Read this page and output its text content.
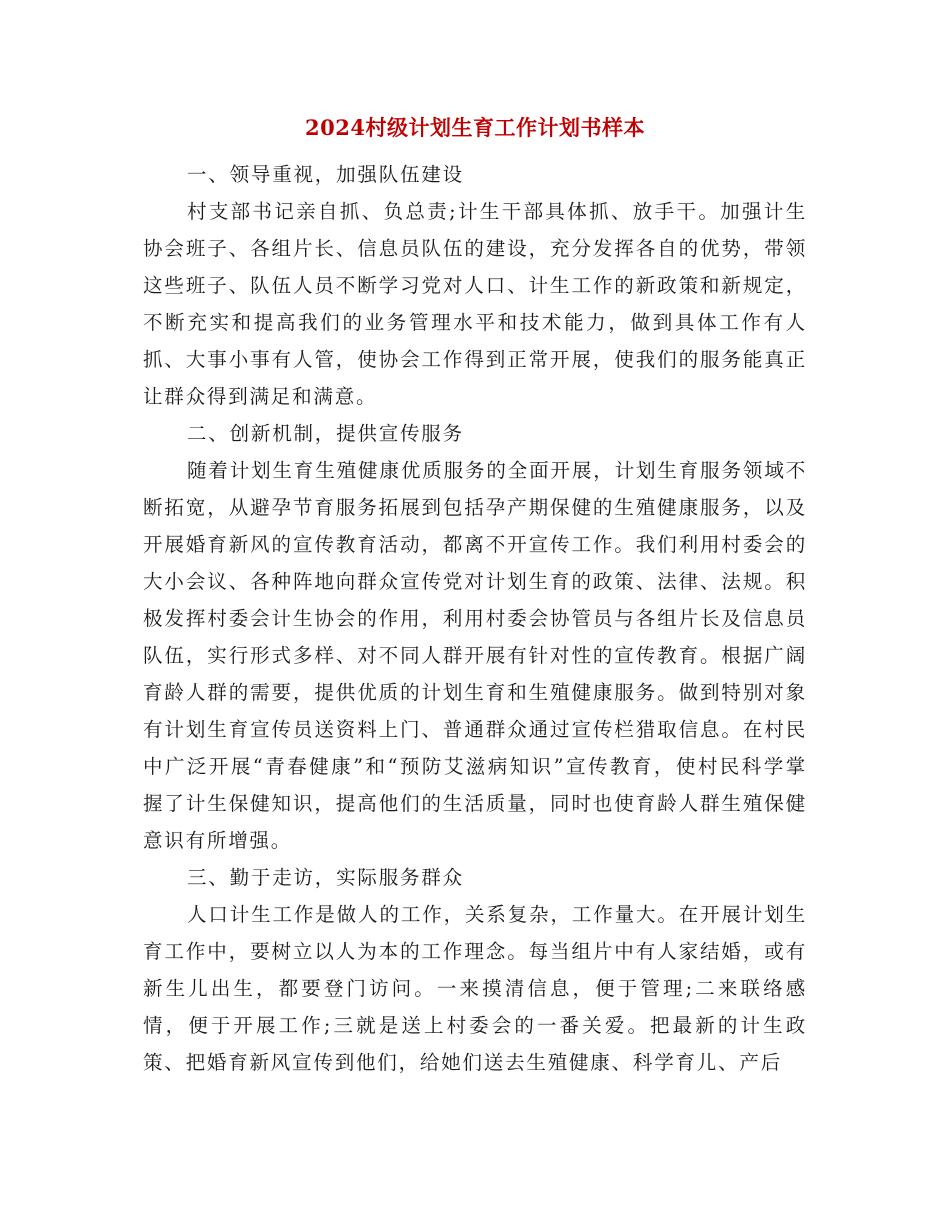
2024村级计划生育工作计划书样本

一、领导重视，加强队伍建设

村支部书记亲自抓、负总责;计生干部具体抓、放手干。加强计生协会班子、各组片长、信息员队伍的建设，充分发挥各自的优势，带领这些班子、队伍人员不断学习党对人口、计生工作的新政策和新规定，不断充实和提高我们的业务管理水平和技术能力，做到具体工作有人抓、大事小事有人管，使协会工作得到正常开展，使我们的服务能真正让群众得到满足和满意。

二、创新机制，提供宣传服务

随着计划生育生殖健康优质服务的全面开展，计划生育服务领域不断拓宽，从避孕节育服务拓展到包括孕产期保健的生殖健康服务，以及开展婚育新风的宣传教育活动，都离不开宣传工作。我们利用村委会的大小会议、各种阵地向群众宣传党对计划生育的政策、法律、法规。积极发挥村委会计生协会的作用，利用村委会协管员与各组片长及信息员队伍，实行形式多样、对不同人群开展有针对性的宣传教育。根据广阔育龄人群的需要，提供优质的计划生育和生殖健康服务。做到特别对象有计划生育宣传员送资料上门、普通群众通过宣传栏猎取信息。在村民中广泛开展“青春健康”和“预防艾滋病知识”宣传教育，使村民科学掌握了计生保健知识，提高他们的生活质量，同时也使育龄人群生殖保健意识有所增强。

三、勤于走访，实际服务群众

人口计生工作是做人的工作，关系复杂，工作量大。在开展计划生育工作中，要树立以人为本的工作理念。每当组片中有人家结婚，或有新生儿出生，都要登门访问。一来摸清信息，便于管理;二来联络感情，便于开展工作;三就是送上村委会的一番关爱。把最新的计生政策、把婚育新风宣传到他们，给她们送去生殖健康、科学育儿、产后
